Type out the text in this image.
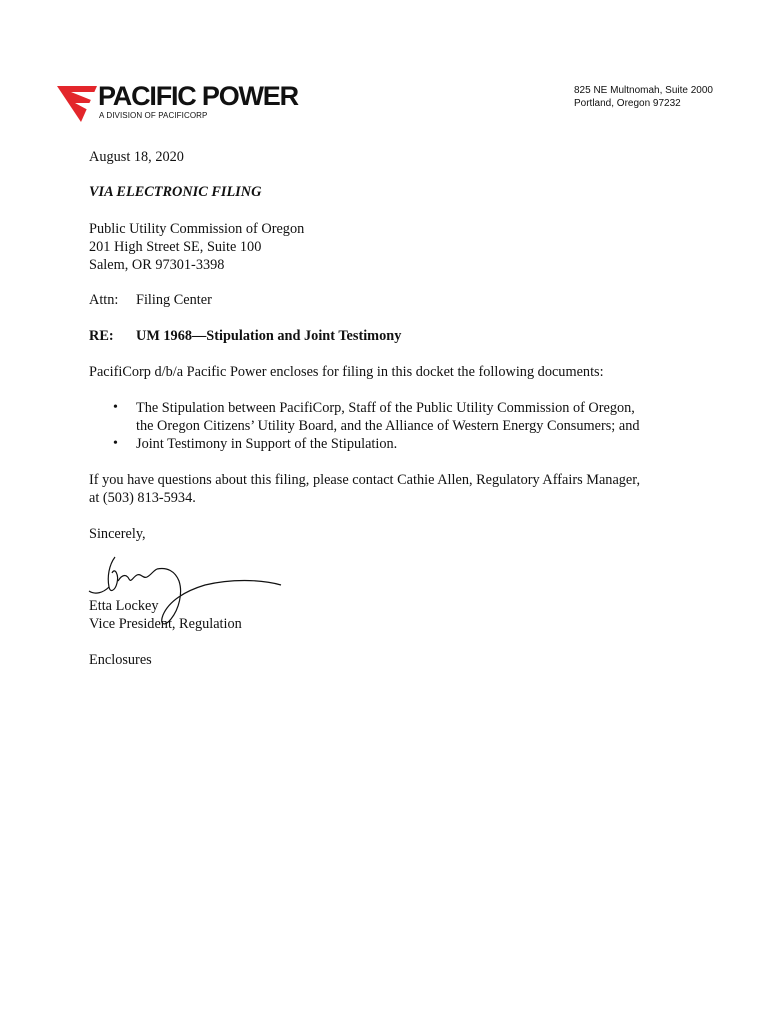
PACIFIC POWER
A DIVISION OF PACIFICORP
825 NE Multnomah, Suite 2000
Portland, Oregon 97232
August 18, 2020
VIA ELECTRONIC FILING
Public Utility Commission of Oregon
201 High Street SE, Suite 100
Salem, OR 97301-3398
Attn: Filing Center
RE: UM 1968—Stipulation and Joint Testimony
PacifiCorp d/b/a Pacific Power encloses for filing in this docket the following documents:
• The Stipulation between PacifiCorp, Staff of the Public Utility Commission of Oregon,
the Oregon Citizens’ Utility Board, and the Alliance of Western Energy Consumers; and
• Joint Testimony in Support of the Stipulation.
If you have questions about this filing, please contact Cathie Allen, Regulatory Affairs Manager,
at (503) 813-5934.
Sincerely,
Etta Lockey
Vice President, Regulation
Enclosures
